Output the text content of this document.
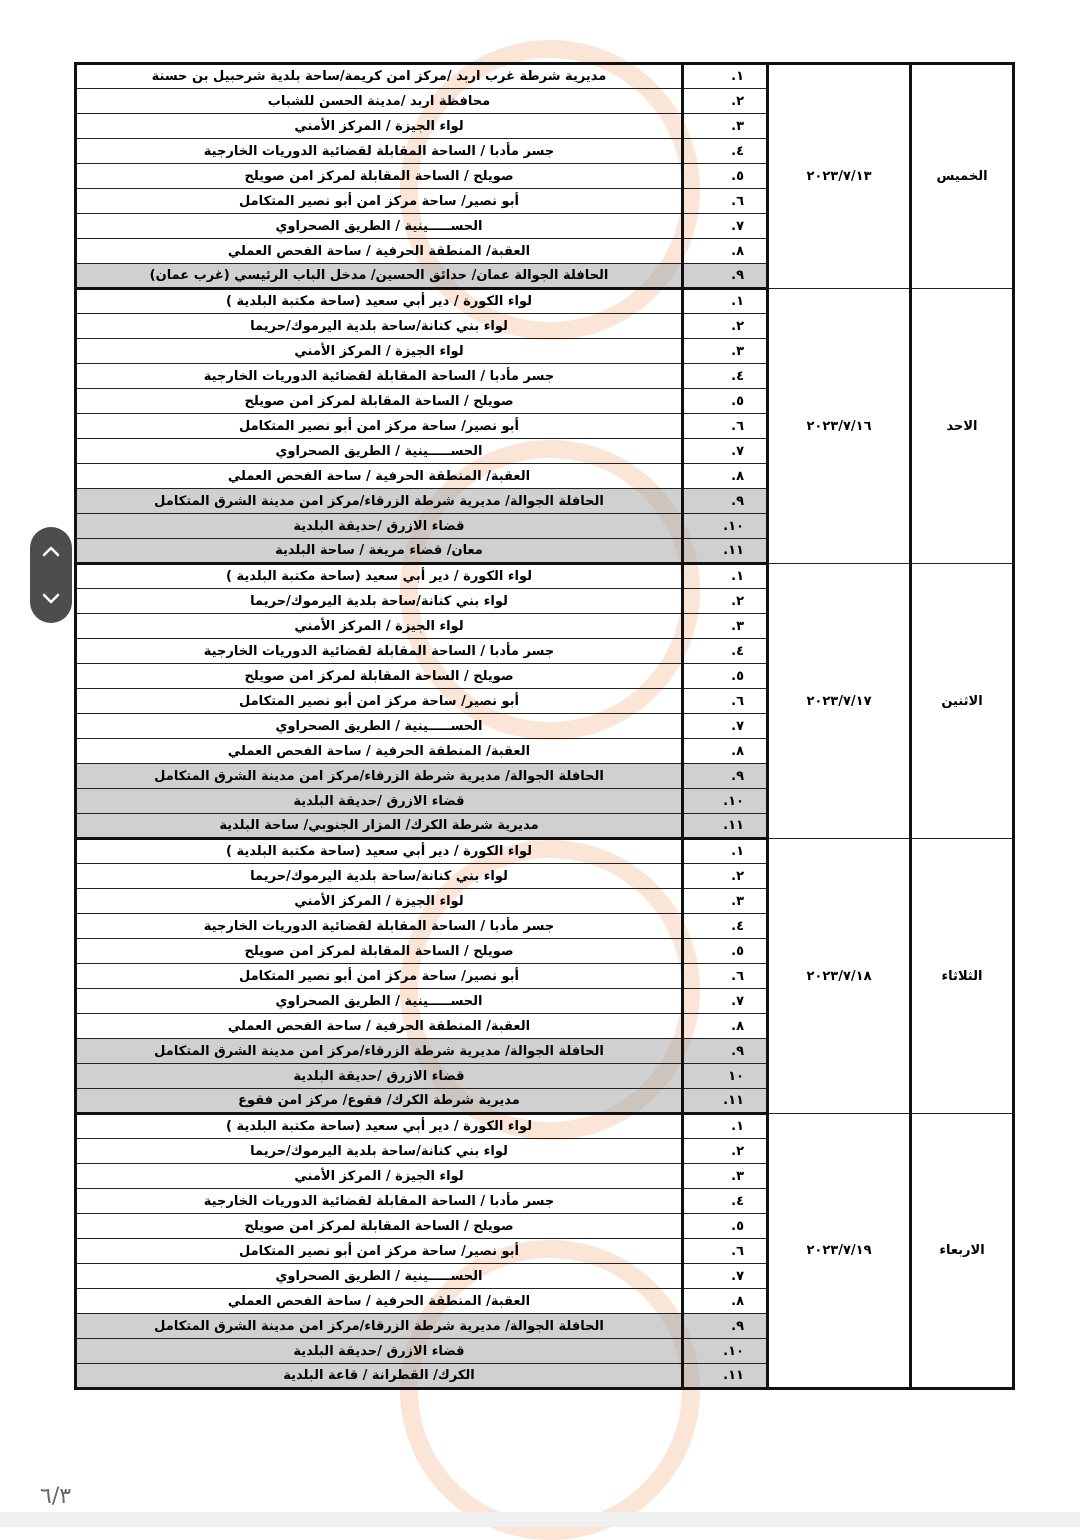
الخميس	٢٠٢٣/٧/١٣	١.	مديرية شرطة غرب اربد /مركز امن كريمة/ساحة بلدية شرحبيل بن حسنة
		٢.	محافظة اربد /مدينة الحسن للشباب
		٣.	لواء الجيزة / المركز الأمني
		٤.	جسر مأدبا / الساحة المقابلة لقضائية الدوريات الخارجية
		٥.	صويلح / الساحة المقابلة لمركز امن صويلح
		٦.	أبو نصير/ ساحة مركز امن أبو نصير المتكامل
		٧.	الحســـــينية / الطريق الصحراوي
		٨.	العقبة/ المنطقة الحرفية / ساحة الفحص العملي
		٩.	الحافلة الجوالة عمان/ حدائق الحسين/ مدخل الباب الرئيسي (غرب عمان)
الاحد	٢٠٢٣/٧/١٦	١.	لواء الكورة / دير أبي سعيد (ساحة مكتبة البلدية )
		٢.	لواء بني كنانة/ساحة بلدية اليرموك/حريما
		٣.	لواء الجيزة / المركز الأمني
		٤.	جسر مأدبا / الساحة المقابلة لقضائية الدوريات الخارجية
		٥.	صويلح / الساحة المقابلة لمركز امن صويلح
		٦.	أبو نصير/ ساحة مركز امن أبو نصير المتكامل
		٧.	الحســـــينية / الطريق الصحراوي
		٨.	العقبة/ المنطقة الحرفية / ساحة الفحص العملي
		٩.	الحافلة الجوالة/ مديرية شرطة الزرقاء/مركز امن مدينة الشرق المتكامل
		١٠.	قضاء الازرق /حديقة البلدية
		١١.	معان/ قضاء مريغة / ساحة البلدية
الاثنين	٢٠٢٣/٧/١٧	١.	لواء الكورة / دير أبي سعيد (ساحة مكتبة البلدية )
		٢.	لواء بني كنانة/ساحة بلدية اليرموك/حريما
		٣.	لواء الجيزة / المركز الأمني
		٤.	جسر مأدبا / الساحة المقابلة لقضائية الدوريات الخارجية
		٥.	صويلح / الساحة المقابلة لمركز امن صويلح
		٦.	أبو نصير/ ساحة مركز امن أبو نصير المتكامل
		٧.	الحســـــينية / الطريق الصحراوي
		٨.	العقبة/ المنطقة الحرفية / ساحة الفحص العملي
		٩.	الحافلة الجوالة/ مديرية شرطة الزرقاء/مركز امن مدينة الشرق المتكامل
		١٠.	قضاء الازرق /حديقة البلدية
		١١.	مديرية شرطة الكرك/ المزار الجنوبي/ ساحة البلدية
الثلاثاء	٢٠٢٣/٧/١٨	١.	لواء الكورة / دير أبي سعيد (ساحة مكتبة البلدية )
		٢.	لواء بني كنانة/ساحة بلدية اليرموك/حريما
		٣.	لواء الجيزة / المركز الأمني
		٤.	جسر مأدبا / الساحة المقابلة لقضائية الدوريات الخارجية
		٥.	صويلح / الساحة المقابلة لمركز امن صويلح
		٦.	أبو نصير/ ساحة مركز امن أبو نصير المتكامل
		٧.	الحســـــينية / الطريق الصحراوي
		٨.	العقبة/ المنطقة الحرفية / ساحة الفحص العملي
		٩.	الحافلة الجوالة/ مديرية شرطة الزرقاء/مركز امن مدينة الشرق المتكامل
		١٠	قضاء الازرق /حديقة البلدية
		١١.	مديرية شرطة الكرك/ فقوع/ مركز امن فقوع
الاربعاء	٢٠٢٣/٧/١٩	١.	لواء الكورة / دير أبي سعيد (ساحة مكتبة البلدية )
		٢.	لواء بني كنانة/ساحة بلدية اليرموك/حريما
		٣.	لواء الجيزة / المركز الأمني
		٤.	جسر مأدبا / الساحة المقابلة لقضائية الدوريات الخارجية
		٥.	صويلح / الساحة المقابلة لمركز امن صويلح
		٦.	أبو نصير/ ساحة مركز امن أبو نصير المتكامل
		٧.	الحســـــينية / الطريق الصحراوي
		٨.	العقبة/ المنطقة الحرفية / ساحة الفحص العملي
		٩.	الحافلة الجوالة/ مديرية شرطة الزرقاء/مركز امن مدينة الشرق المتكامل
		١٠.	قضاء الازرق /حديقة البلدية
		١١.	الكرك/ القطرانة / قاعة البلدية
٦/٣
